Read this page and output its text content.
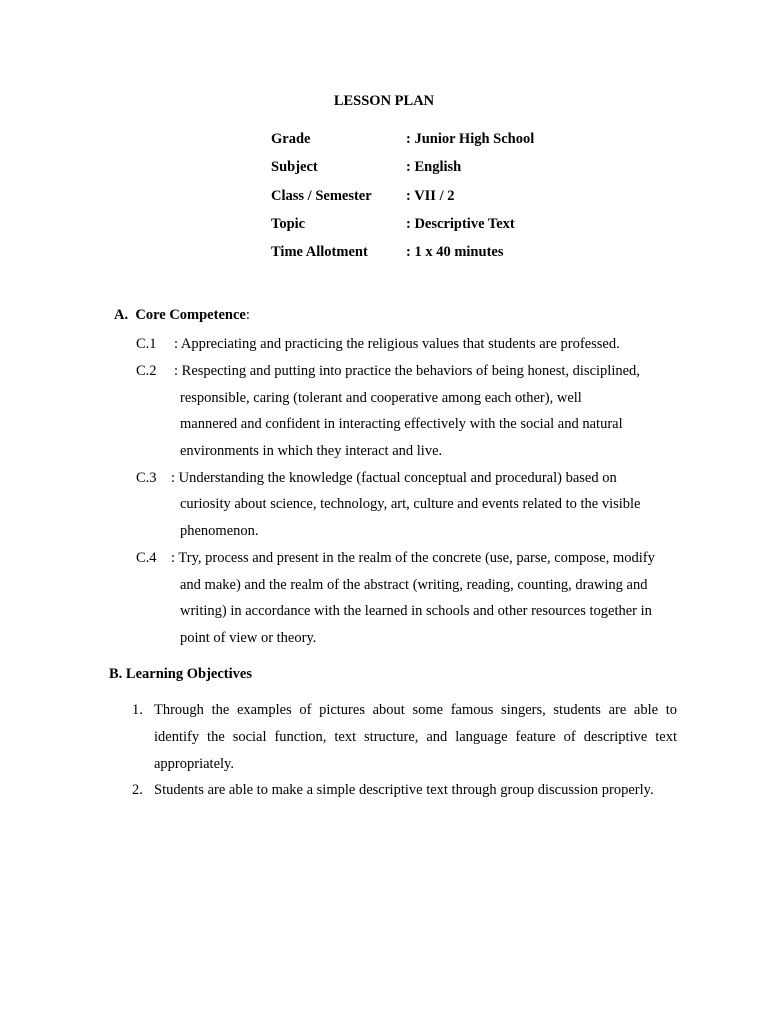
LESSON PLAN
Grade	: Junior High School
Subject	: English
Class / Semester : VII / 2
Topic	: Descriptive Text
Time Allotment	: 1 x 40 minutes
A. Core Competence:
C.1 : Appreciating and practicing the religious values that students are professed.
C.2 : Respecting and putting into practice the behaviors of being honest, disciplined,
responsible, caring (tolerant and cooperative among each other), well
mannered and confident in interacting effectively with the social and natural
environments in which they interact and live.
C.3 : Understanding the knowledge (factual conceptual and procedural) based on
curiosity about science, technology, art, culture and events related to the visible
phenomenon.
C.4 : Try, process and present in the realm of the concrete (use, parse, compose, modify
and make) and the realm of the abstract (writing, reading, counting, drawing and
writing) in accordance with the learned in schools and other resources together in
point of view or theory.
B. Learning Objectives
1. Through the examples of pictures about some famous singers, students are able to
identify the social function, text structure, and language feature of descriptive text
appropriately.
2. Students are able to make a simple descriptive text through group discussion properly.
